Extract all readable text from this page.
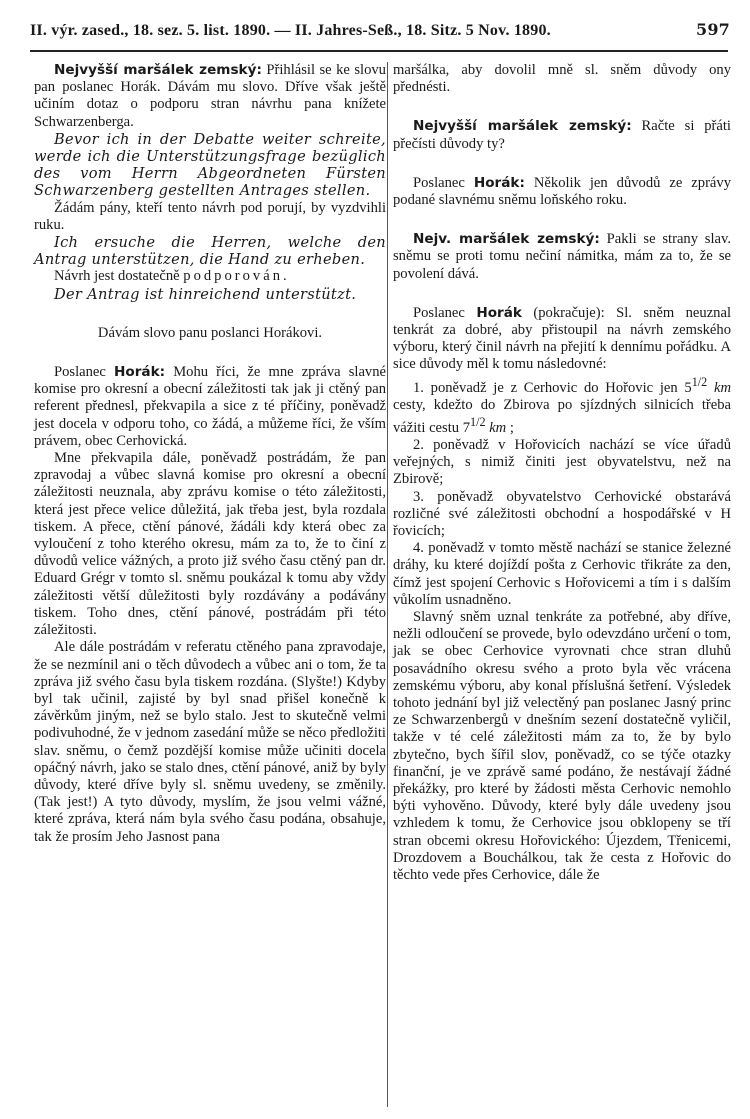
II. výr. zased., 18. sez. 5. list. 1890. — II. Jahres-Seß., 18. Sitz. 5 Nov. 1890.	597

Nejvyšší maršálek zemský: Přihlásil se ke slovu pan poslanec Horák. Dávám mu slovo. Dříve však ještě učiním dotaz o podporu stran návrhu pana knížete Schwarzenberga.

Bevor ich in der Debatte weiter schreite, werde ich die Unterstützungsfrage bezüglich des vom Herrn Abgeordneten Fürsten Schwarzenberg gestellten Antrages stellen.

Žádám pány, kteří tento návrh pod porují, by vyzdvihli ruku.

Ich ersuche die Herren, welche den Antrag unterstützen, die Hand zu erheben.

Návrh jest dostatečně podporován.

Der Antrag ist hinreichend unterstützt.

Dávám slovo panu poslanci Horákovi.

Poslanec Horák: Mohu říci, že mne zpráva slavné komise pro okresní a obecní záležitosti tak jak ji ctěný pan referent přednesl, překvapila a sice z té příčiny, poněvadž jest docela v odporu toho, co žádá, a můžeme říci, že vším právem, obec Cerhovická.

Mne překvapila dále, poněvadž postrádám, že pan zpravodaj a vůbec slavná komise pro okresní a obecní záležitosti neuznala, aby zprávu komise o této záležitosti, která jest přece velice důležitá, jak třeba jest, byla rozdala tiskem. A přece, ctění pánové, žádáli kdy která obec za vyloučení z toho kterého okresu, mám za to, že to činí z důvodů velice vážných, a proto již svého času ctěný pan dr. Eduard Grégr v tomto sl. sněmu poukázal k tomu aby vždy záležitosti větší důležitosti byly rozdávány a podávány tiskem. Toho dnes, ctění pánové, postrádám při této záležitosti.

Ale dále postrádám v referatu ctěného pana zpravodaje, že se nezmínil ani o těch důvodech a vůbec ani o tom, že ta zpráva již svého času byla tiskem rozdána. (Slyšte!) Kdyby byl tak učinil, zajisté by byl snad přišel konečně k závěrkům jiným, než se bylo stalo. Jest to skutečně velmi podivuhodné, že v jednom zasedání může se něco předložiti slav. sněmu, o čemž pozdější komise může učiniti docela opáčný návrh, jako se stalo dnes, ctění pánové, aniž by byly důvody, které dříve byly sl. sněmu uvedeny, se změnily. (Tak jest!) A tyto důvody, myslím, že jsou velmi vážné, které zpráva, která nám byla svého času podána, obsahuje, tak že prosím Jeho Jasnost pana

maršálka, aby dovolil mně sl. sněm důvody ony přednésti.

Nejvyšší maršálek zemský: Račte si přáti přečísti důvody ty?

Poslanec Horák: Několik jen důvodů ze zprávy podané slavnému sněmu loňského roku.

Nejv. maršálek zemský: Pakli se strany slav. sněmu se proti tomu nečiní námitka, mám za to, že se povolení dává.

Poslanec Horák (pokračuje): Sl. sněm neuznal tenkrát za dobré, aby přistoupil na návrh zemského výboru, který činil návrh na přejití k dennímu pořádku. A sice důvody měl k tomu následovné:

1. poněvadž je z Cerhovic do Hořovic jen $5^{1/2}$ km cesty, kdežto do Zbirova po sjízdných silnicích třeba vážiti cestu $7^{1/2}$ km ;

2. poněvadž v Hořovicích nachází se více úřadů veřejných, s nimiž činiti jest obyvatelstvu, než na Zbirově;

3. poněvadž obyvatelstvo Cerhovické obstarává rozličné své záležitosti obchodní a hospodářské v H řovicích;

4. poněvadž v tomto městě nachází se stanice železné dráhy, ku které dojíždí pošta z Cerhovic třikráte za den, čímž jest spojení Cerhovic s Hořovicemi a tím i s dalším vůkolím usnadněno.

Slavný sněm uznal tenkráte za potřebné, aby dříve, nežli odloučení se provede, bylo odevzdáno určení o tom, jak se obec Cerhovice vyrovnati chce stran dluhů posavádního okresu svého a proto byla věc vrácena zemskému výboru, aby konal příslušná šetření. Výsledek tohoto jednání byl již velectěný pan poslanec Jasný princ ze Schwarzenbergů v dnešním sezení dostatečně vyličil, takže v té celé záležitosti mám za to, že by bylo zbytečno, bych šířil slov, poněvadž, co se týče otazky finanční, je ve zprávě samé podáno, že nestávají žádné překážky, pro které by žádosti města Cerhovic nemohlo býti vyhověno. Důvody, které byly dále uvedeny jsou vzhledem k tomu, že Cerhovice jsou obklopeny se tří stran obcemi okresu Hořovického: Újezdem, Třenicemi, Drozdovem a Bouchálkou, tak že cesta z Hořovic do těchto vede přes Cerhovice, dále že
